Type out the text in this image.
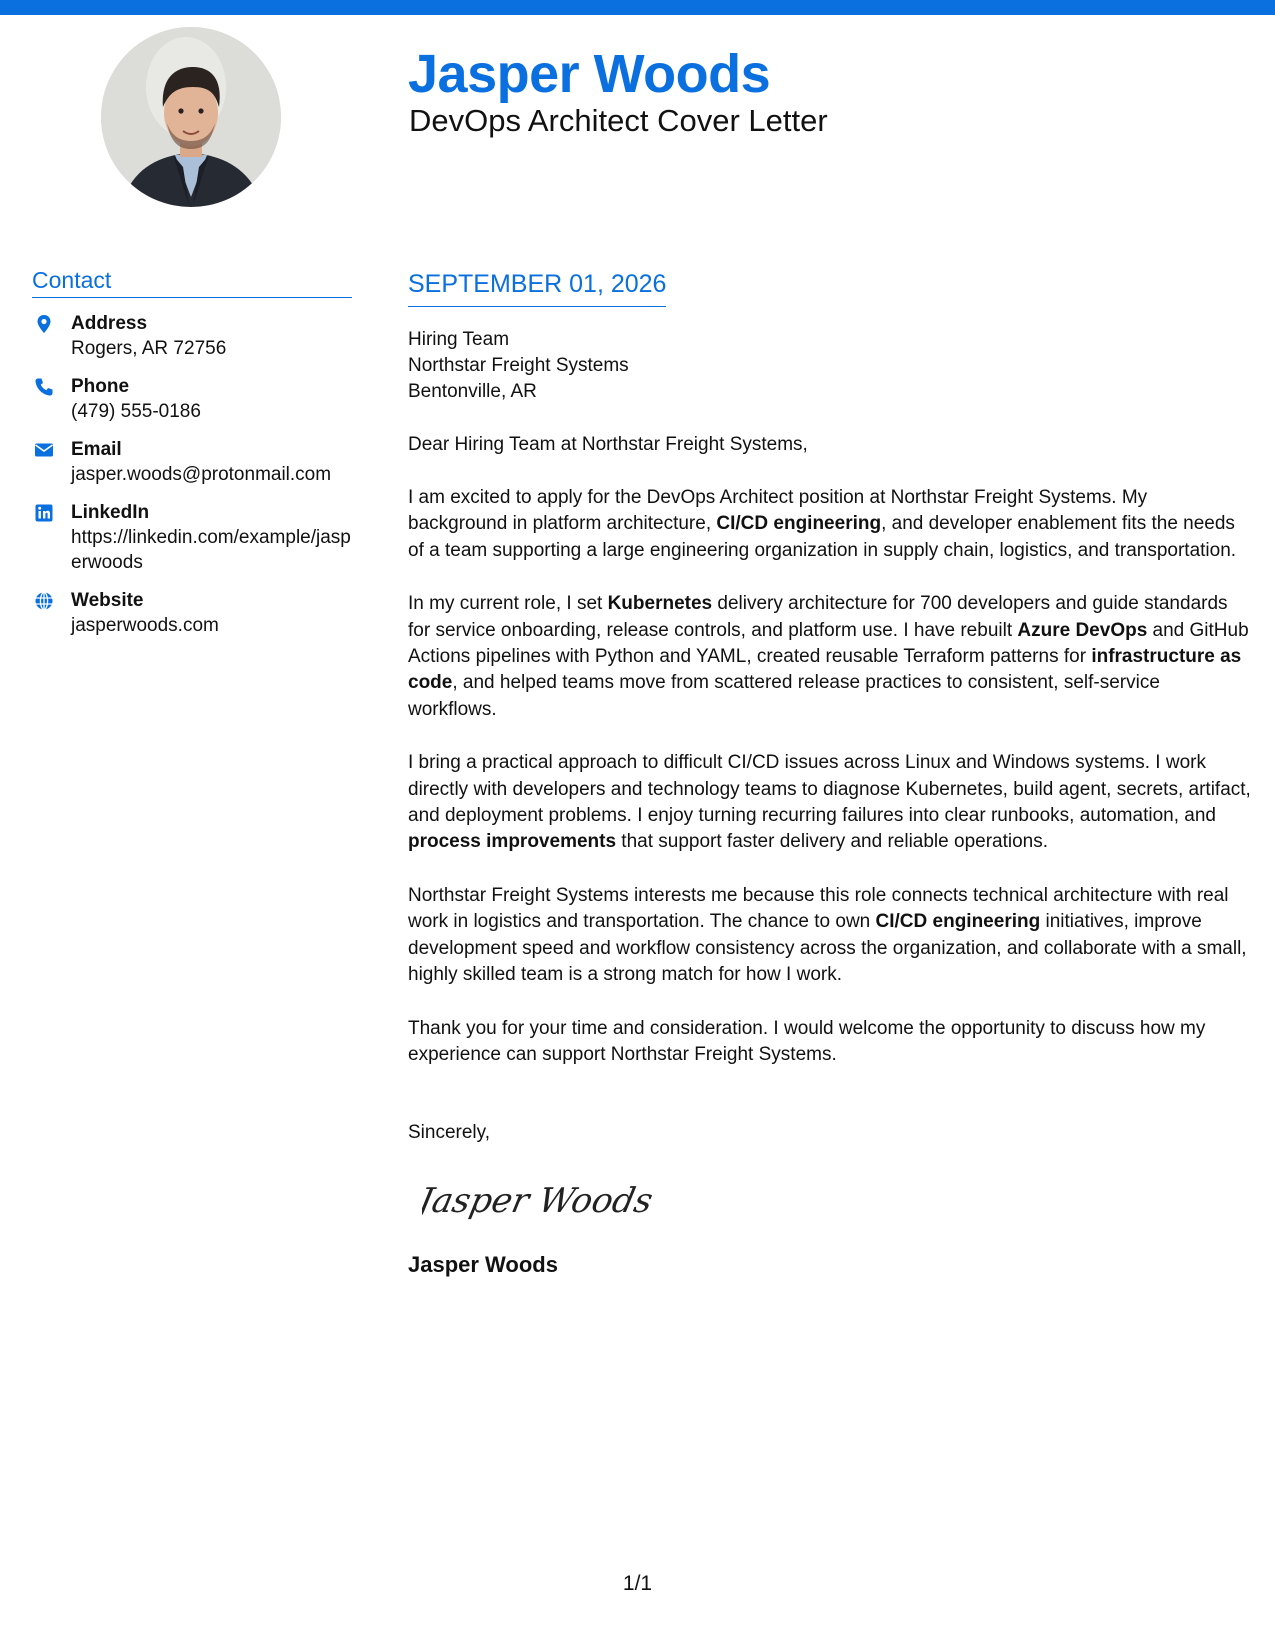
Jasper Woods
DevOps Architect Cover Letter
Contact
Address
Rogers, AR 72756
Phone
(479) 555-0186
Email
jasper.woods@protonmail.com
LinkedIn
https://linkedin.com/example/jasperwoods
Website
jasperwoods.com
SEPTEMBER 01, 2026
Hiring Team
Northstar Freight Systems
Bentonville, AR
Dear Hiring Team at Northstar Freight Systems,
I am excited to apply for the DevOps Architect position at Northstar Freight Systems. My background in platform architecture, CI/CD engineering, and developer enablement fits the needs of a team supporting a large engineering organization in supply chain, logistics, and transportation.
In my current role, I set Kubernetes delivery architecture for 700 developers and guide standards for service onboarding, release controls, and platform use. I have rebuilt Azure DevOps and GitHub Actions pipelines with Python and YAML, created reusable Terraform patterns for infrastructure as code, and helped teams move from scattered release practices to consistent, self-service workflows.
I bring a practical approach to difficult CI/CD issues across Linux and Windows systems. I work directly with developers and technology teams to diagnose Kubernetes, build agent, secrets, artifact, and deployment problems. I enjoy turning recurring failures into clear runbooks, automation, and process improvements that support faster delivery and reliable operations.
Northstar Freight Systems interests me because this role connects technical architecture with real work in logistics and transportation. The chance to own CI/CD engineering initiatives, improve development speed and workflow consistency across the organization, and collaborate with a small, highly skilled team is a strong match for how I work.
Thank you for your time and consideration. I would welcome the opportunity to discuss how my experience can support Northstar Freight Systems.
Sincerely,
Jasper Woods
Jasper Woods
1/1
